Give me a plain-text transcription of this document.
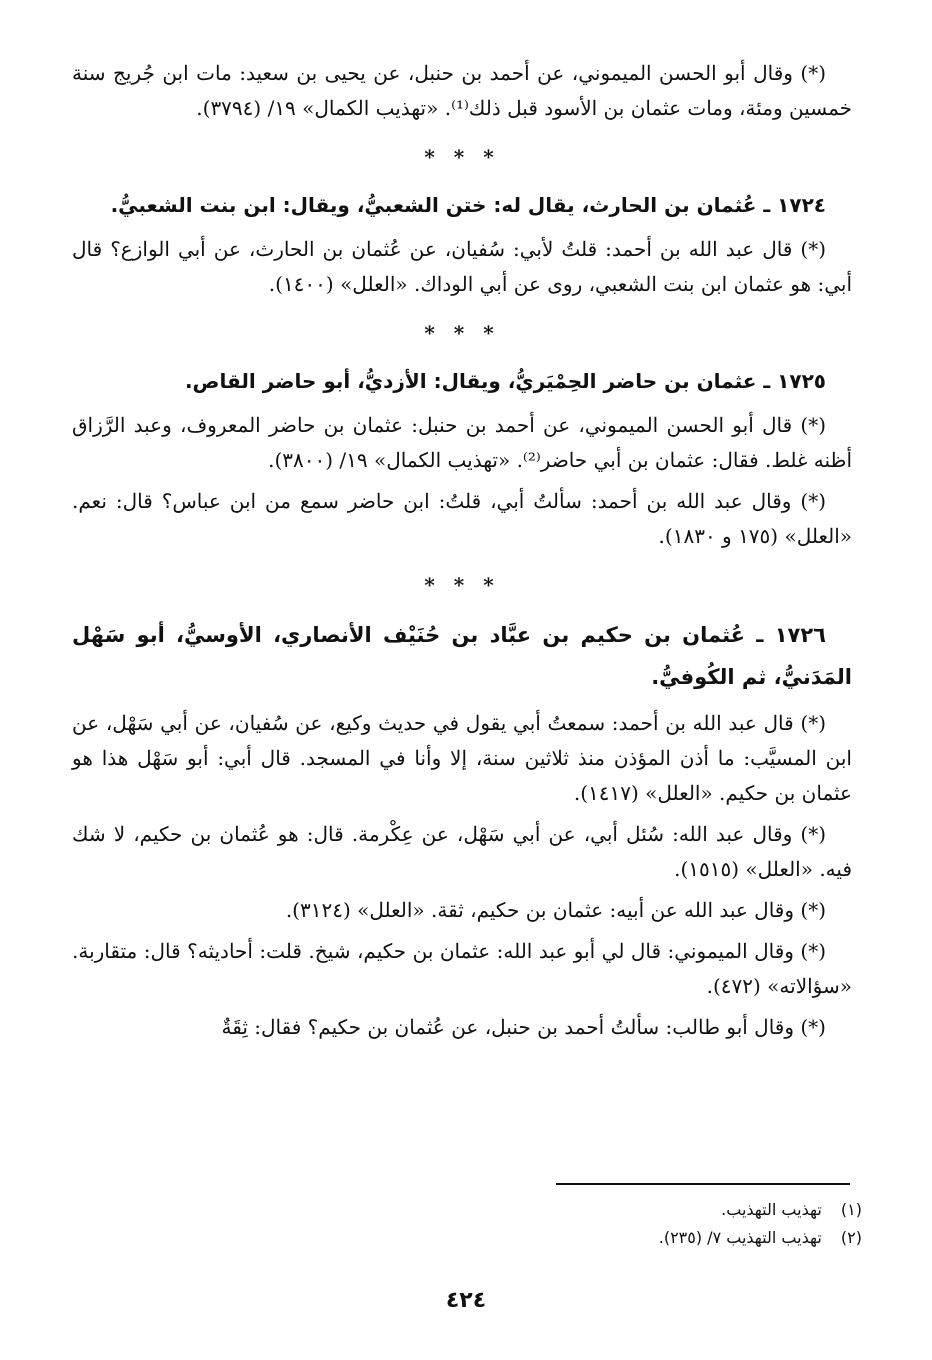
(*) وقال أبو الحسن الميموني، عن أحمد بن حنبل، عن يحيى بن سعيد: مات ابن جُريج سنة خمسين ومئة، ومات عثمان بن الأسود قبل ذلك⁽¹⁾. «تهذيب الكمال» ١٩/ (٣٧٩٤).

* * *
١٧٢٤ ـ عُثمان بن الحارث، يقال له: ختن الشعبيُّ، ويقال: ابن بنت الشعبيُّ.

(*) قال عبد الله بن أحمد: قلتُ لأبي: سُفيان، عن عُثمان بن الحارث، عن أبي الوازع؟ قال أبي: هو عثمان ابن بنت الشعبي، روى عن أبي الوداك. «العلل» (١٤٠٠).

* * *
١٧٢٥ ـ عثمان بن حاضر الحِمْيَريُّ، ويقال: الأزديُّ، أبو حاضر القاص.

(*) قال أبو الحسن الميموني، عن أحمد بن حنبل: عثمان بن حاضر المعروف، وعبد الرَّزاق أظنه غلط. فقال: عثمان بن أبي حاضر⁽²⁾. «تهذيب الكمال» ١٩/ (٣٨٠٠).

(*) وقال عبد الله بن أحمد: سألتُ أبي، قلتُ: ابن حاضر سمع من ابن عباس؟ قال: نعم. «العلل» (١٧٥ و ١٨٣٠).

* * *
١٧٢٦ ـ عُثمان بن حكيم بن عبَّاد بن حُنَيْف الأنصاري، الأوسيُّ، أبو سَهْل المَدَنيُّ، ثم الكُوفيُّ.

(*) قال عبد الله بن أحمد: سمعتُ أبي يقول في حديث وكيع، عن سُفيان، عن أبي سَهْل، عن ابن المسيَّب: ما أذن المؤذن منذ ثلاثين سنة، إلا وأنا في المسجد. قال أبي: أبو سَهْل هذا هو عثمان بن حكيم. «العلل» (١٤١٧).

(*) وقال عبد الله: سُئل أبي، عن أبي سَهْل، عن عِكْرمة. قال: هو عُثمان بن حكيم، لا شك فيه. «العلل» (١٥١٥).

(*) وقال عبد الله عن أبيه: عثمان بن حكيم، ثقة. «العلل» (٣١٢٤).

(*) وقال الميموني: قال لي أبو عبد الله: عثمان بن حكيم، شيخ. قلت: أحاديثه؟ قال: متقاربة. «سؤالاته» (٤٧٢).

(*) وقال أبو طالب: سألتُ أحمد بن حنبل، عن عُثمان بن حكيم؟ فقال: ثِقَةٌ

(١) تهذيب التهذيب.
(٢) تهذيب التهذيب ٧/ (٢٣٥).
٤٢٤
